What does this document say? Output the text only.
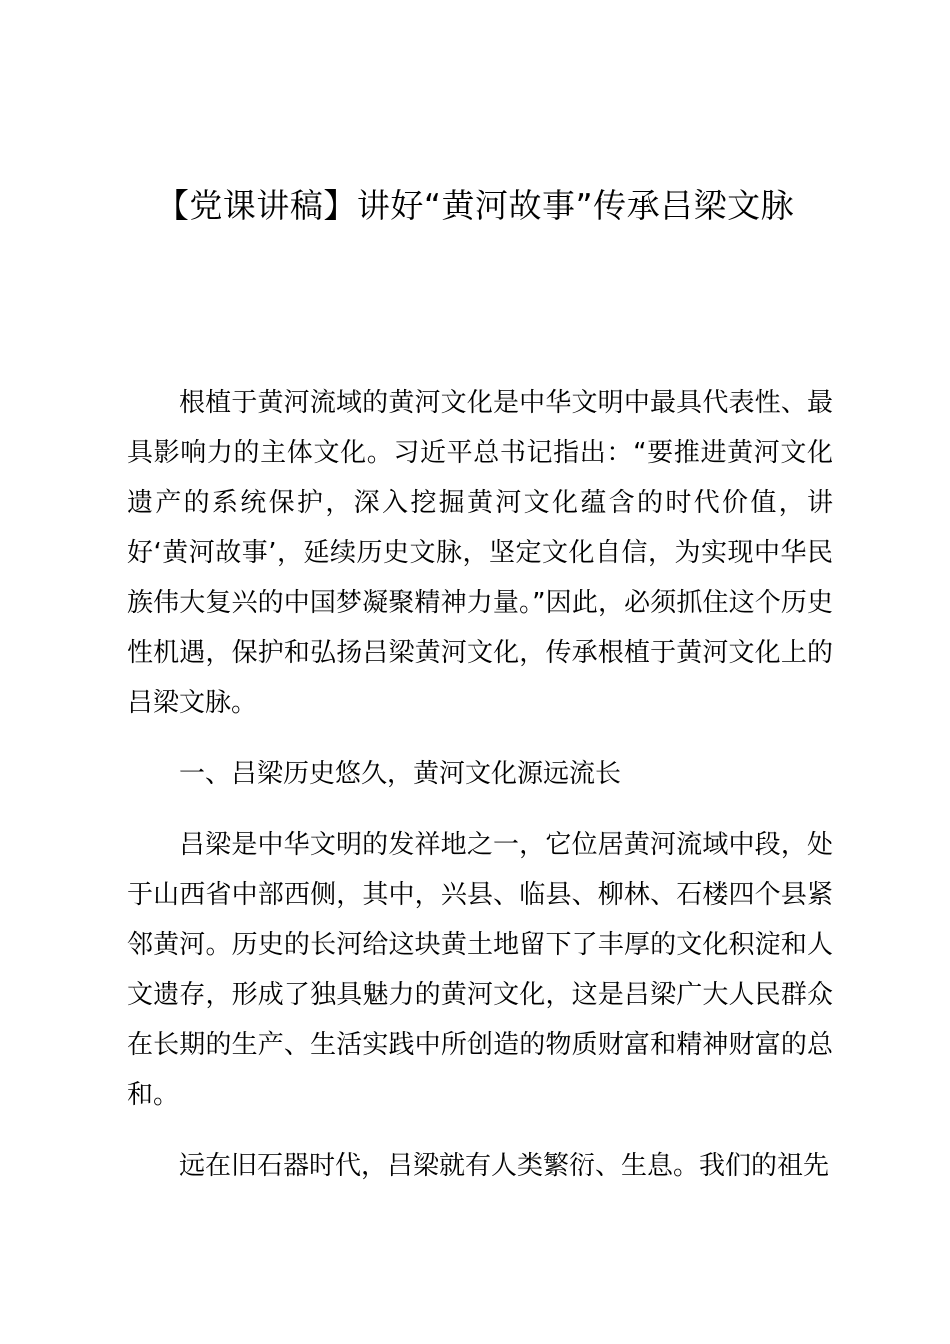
【党课讲稿】讲好“黄河故事”传承吕梁文脉

根植于黄河流域的黄河文化是中华文明中最具代表性、最具影响力的主体文化。习近平总书记指出：“要推进黄河文化遗产的系统保护，深入挖掘黄河文化蕴含的时代价值，讲好‘黄河故事’，延续历史文脉，坚定文化自信，为实现中华民族伟大复兴的中国梦凝聚精神力量。”因此，必须抓住这个历史性机遇，保护和弘扬吕梁黄河文化，传承根植于黄河文化上的吕梁文脉。

一、吕梁历史悠久，黄河文化源远流长

吕梁是中华文明的发祥地之一，它位居黄河流域中段，处于山西省中部西侧，其中，兴县、临县、柳林、石楼四个县紧邻黄河。历史的长河给这块黄土地留下了丰厚的文化积淀和人文遗存，形成了独具魅力的黄河文化，这是吕梁广大人民群众在长期的生产、生活实践中所创造的物质财富和精神财富的总和。

远在旧石器时代，吕梁就有人类繁衍、生息。我们的祖先
